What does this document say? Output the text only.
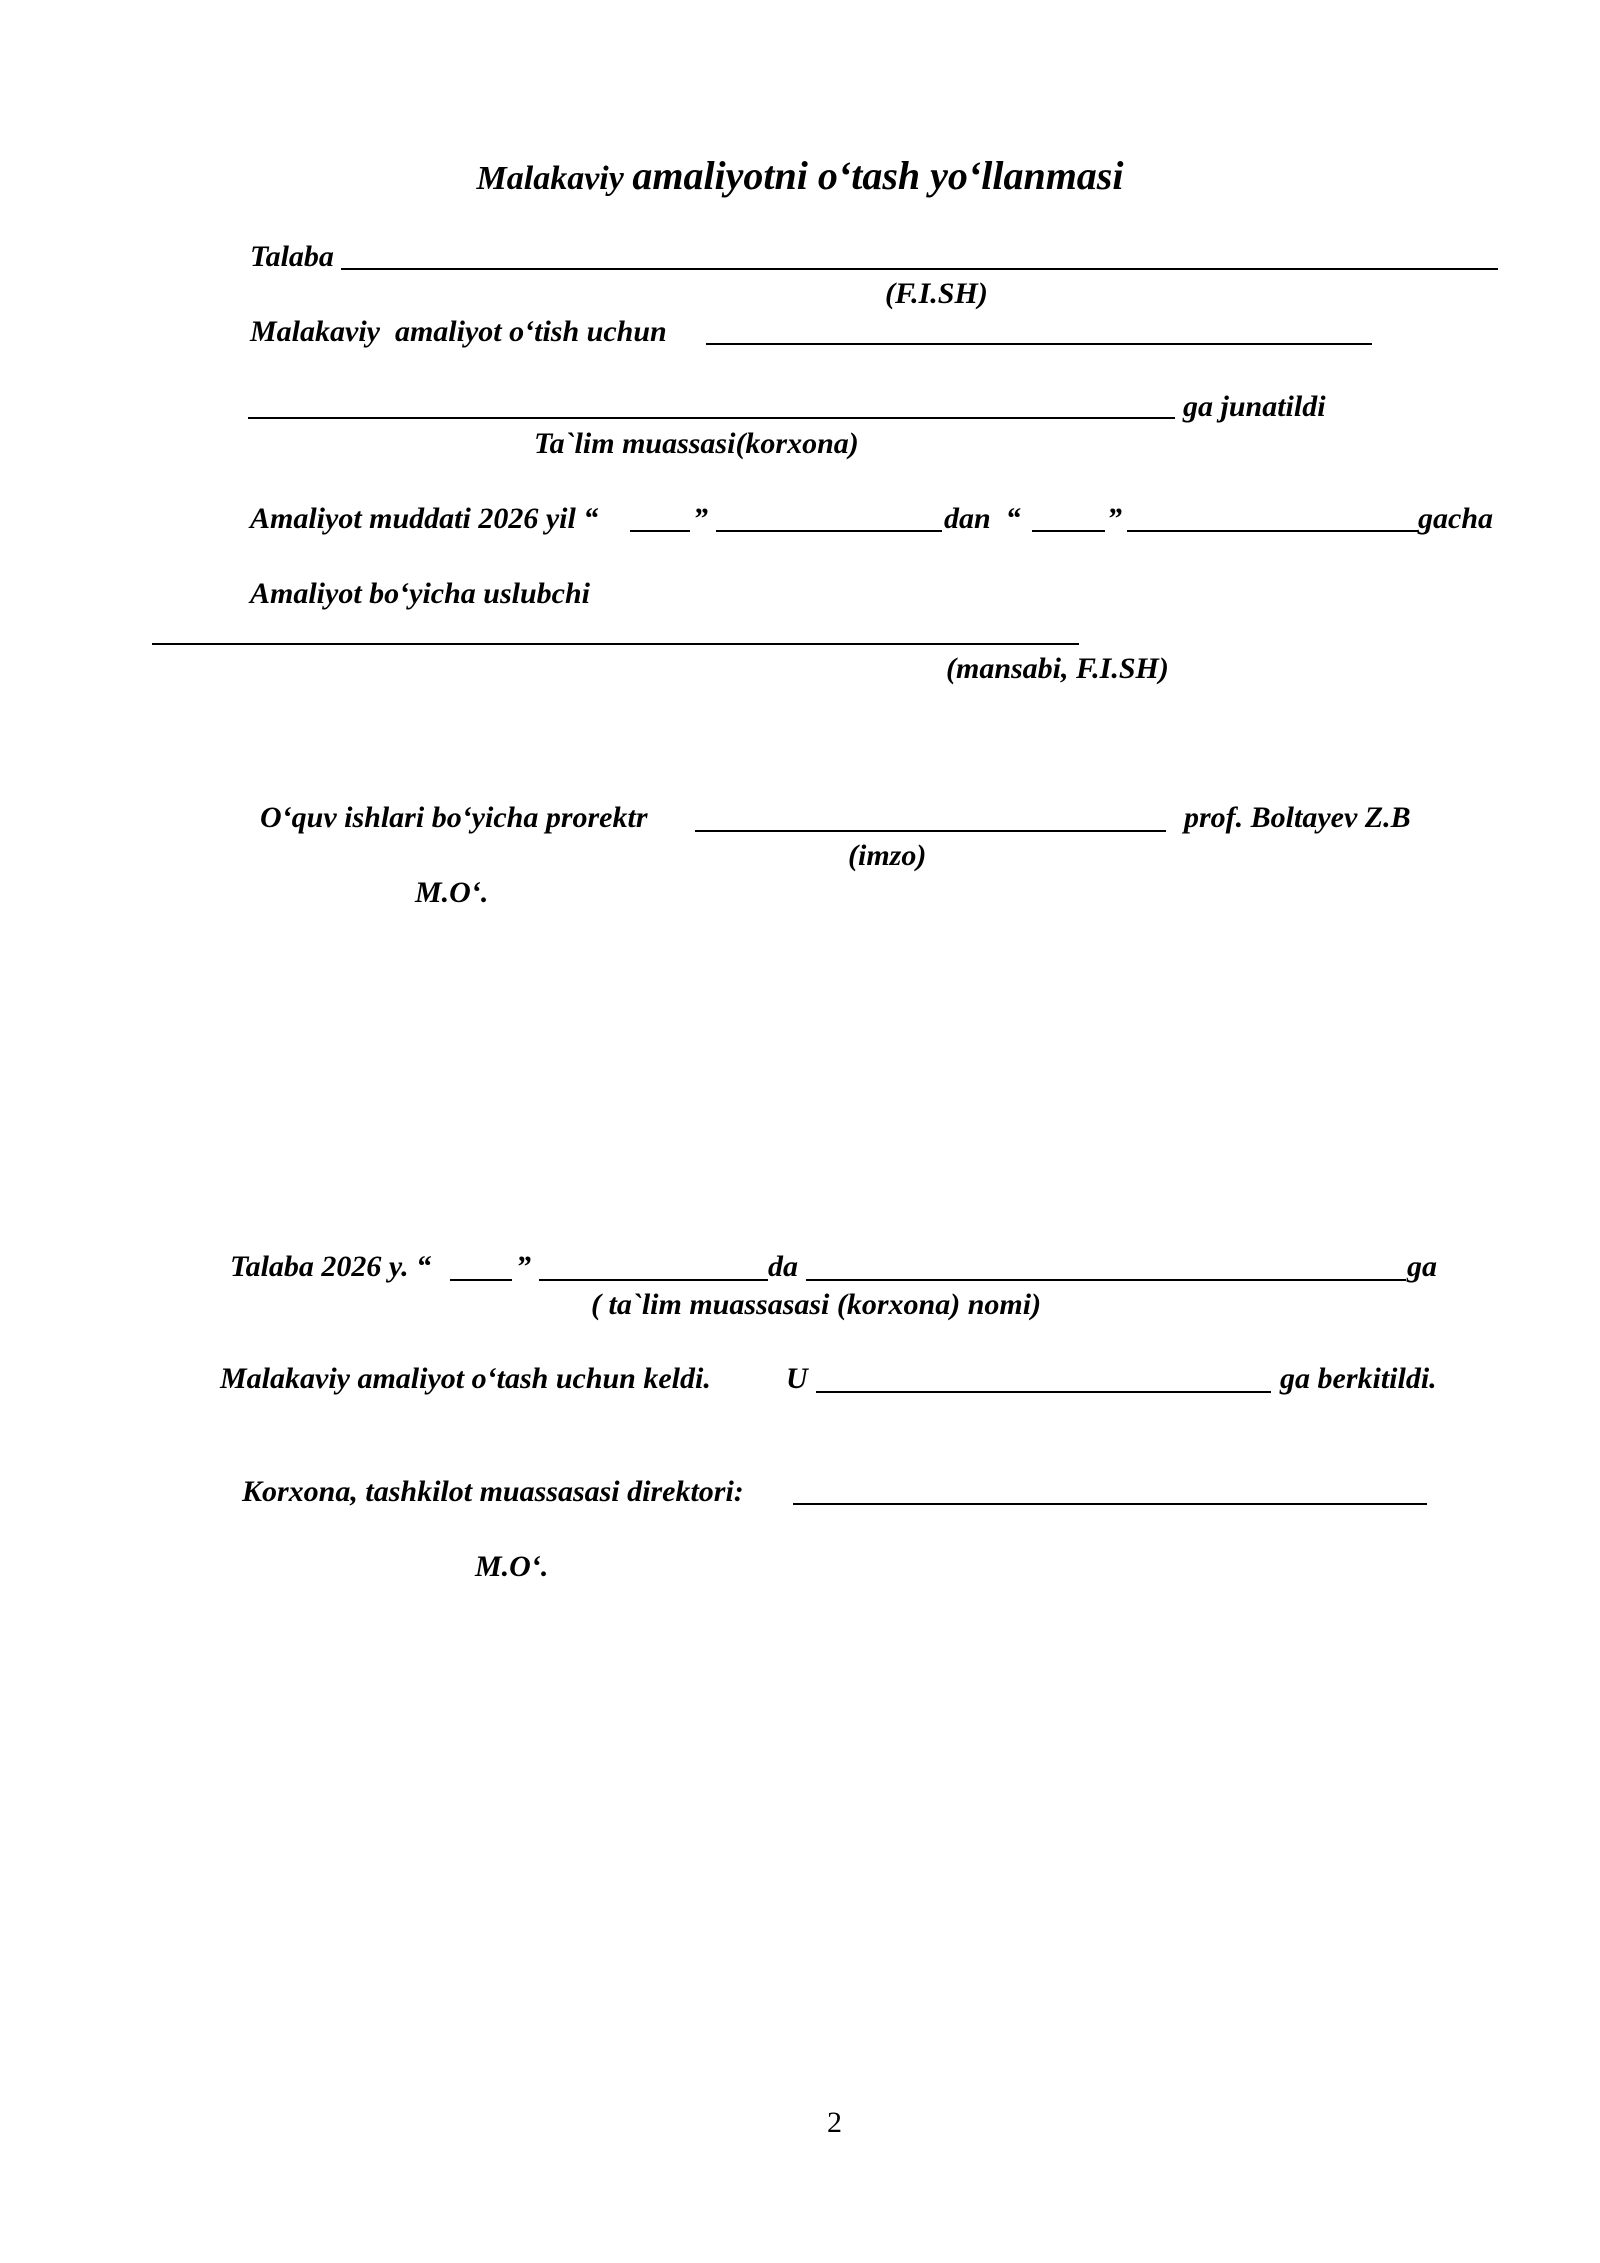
Malakaviy amaliyotni o‘tash yo‘llanmasi
Talaba
(F.I.SH)
Malakaviy  amaliyot o‘tish uchun
ga junatildi
Ta`lim muassasi(korxona)
Amaliyot muddati 2026 yil “	”	dan  “	”	gacha
Amaliyot bo‘yicha uslubchi
(mansabi, F.I.SH)
O‘quv ishlari bo‘yicha prorektr	prof. Boltayev Z.B
(imzo)
M.O‘.
Talaba 2026 y. “	”	da	ga
( ta`lim muassasasi (korxona) nomi)
Malakaviy amaliyot o‘tash uchun keldi.	U	ga berkitildi.
Korxona, tashkilot muassasasi direktori:
M.O‘.
2
